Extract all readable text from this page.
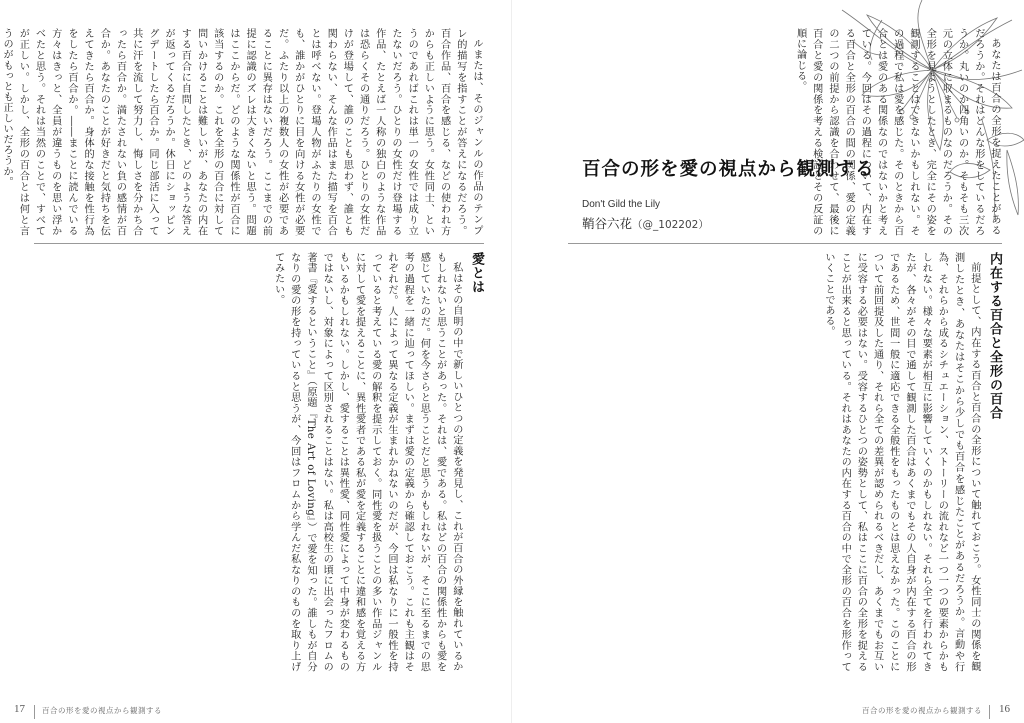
ルまたは、そのジャンルの作品のテンプレ的描写を指すことが答えになるだろう。百合作品、百合を感じる、などの使われ方からも正しいように思う。女性同士、というのであればこれは単一の女性では成り立たないだろう。ひとりの女性だけ登場する作品、たとえば一人称の独白のような作品は恐らくその通りだろう。ひとりの女性だけが登場して、誰のことも思わず、誰とも関わらない、そんな作品はまた描写を百合とは呼べない。登場人物がふたりの女性でも、誰かがひとりに目を向ける女性が必要だ。ふたり以上の複数人の女性が必要であることに異存はないだろう。ここまでの前提に認識のズレは大きくないと思う。問題はここからだ。どのような関係性が百合に該当するのか。これを全形の百合に対して問いかけることは難しいが、あなたの内在する百合に自問したとき、どのような答えが返ってくるだろうか。休日にショッピングデートしたら百合か。同じ部活に入って共に汗を流して努力し、悔しさを分かち合ったら百合か。満たされない負の感情が百合か。あなたのことが好きだと気持ちを伝えてきたら百合か。身体的な接触を性行為をしたら百合か。――まことに読んでいる方々はきっと、全員が違うものを思い浮かべたと思う。それは当然のことで、すべてが正しい。しかし、全形の百合とは何と言うのがもっとも正しいだろうか。

愛とは

私はその自明の中で新しいひとつの定義を発見し、これが百合の外縁を触れているかもしれないと思うことがあった。それは、愛である。私はどの百合の関係性からも愛を感じていたのだ。何を今さらと思うことだと思うかもしれないが、そこに至るまでの思考の過程を一緒に辿ってほしい。まずは愛の定義から確認しておこう。これも主観はそれぞれだ。人によって異なる定義が生まれかねないのだが、今回は私なりに一般性を持っていると考えている愛の解釈を提示しておく。同性愛を扱うことの多い作品ジャンルに対して愛を提えることに、異性愛者である私が愛を定義することに違和感を覚える方もいるかもしれない。しかし、愛することは異性愛、同性愛によって中身が変わるものではないし、対象によって区別されることはない。私は高校生の頃に出会ったフロムの著書『愛するということ』（原題『The Art of Loving』）で愛を知った。誰しもが自分なりの愛の形を持っていると思うが、今回はフロムから学んだ私なりのものを取り上げてみたい。

17 百合の形を愛の視点から観測する
百合の形を愛の視点から観測する
Don't Gild the Lily
鞘谷六花（@_102202）	あなたは百合の全形を捉えたことがあるだろうか。それはどんな形をしているだろうか。丸いのか四角いのか。そもそも三次元の立体に収まるものなのだろうか。その全形を見ようとしたとき、完全にその姿を観測することはできないかもしれない。その過程で私は愛を感じた。そのときから百合とは愛のある関係なのではないかと考えている。今回はその過程について、内在する百合と全形の百合の間の関係、愛の定義の二つの前提から認識を合わせて、最後に百合と愛の関係を考える検証とその反証の順に論じる。

内在する百合と全形の百合

前提として、内在する百合と百合の全形について触れておこう。女性同士の関係を観測したとき、あなたはそこから少しでも百合を感じたことがあるだろうか。言動や行為、それらから成るシチュエーション、ストーリーの流れなど一つ一つの要素からかもしれない。様々な要素が相互に影響していくのかもしれない。それら全てを行われてきたが、各々がその目で通して観測した百合はあくまでもその人自身が内在する百合の形であるため、世間一般に適応できる全般性をもったものとは思えなかった。このことについて前回提及した通り、それら全ての差異が認められるべきだし、あくまでもお互いに受容する必要はない。受容するひとつの姿勢として、私はここに百合の全形を捉えることが出来ると思っている。それはあなたの内在する百合の中で全形の百合を形作っていくことである。

百合の形を愛の視点から観測する 16
